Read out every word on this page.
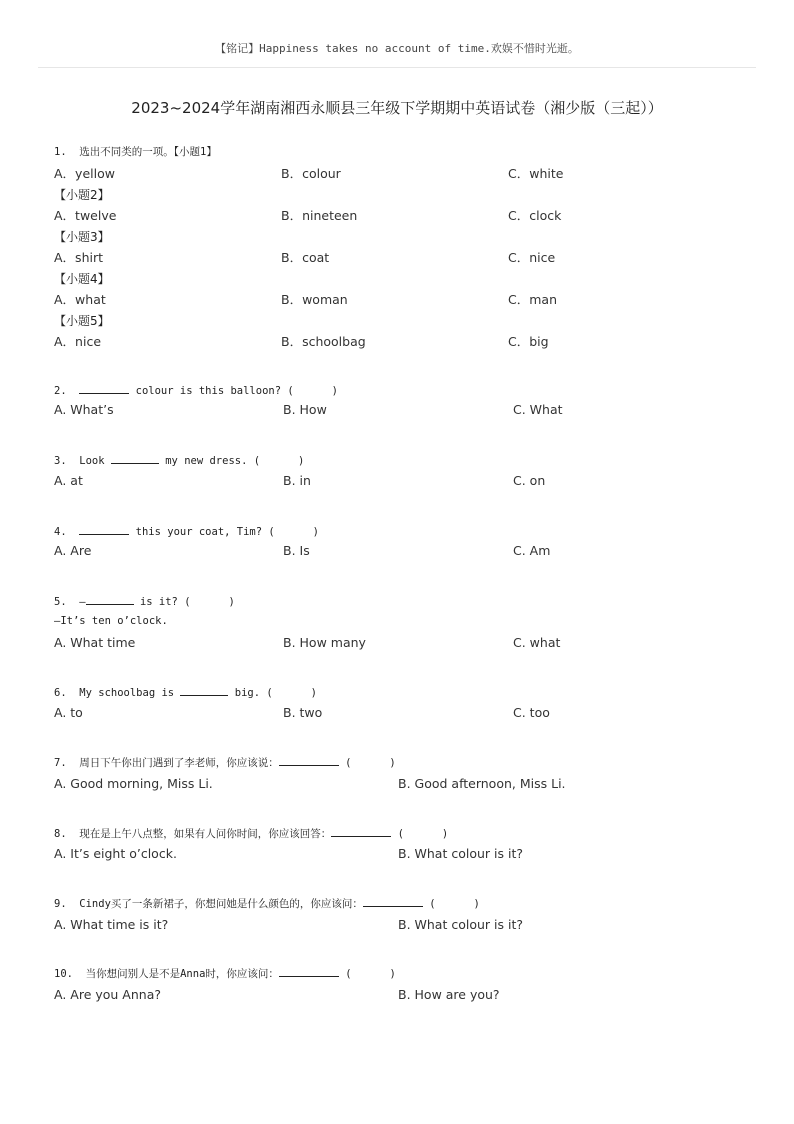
【铭记】Happiness takes no account of time.欢娱不惜时光逝。
2023~2024学年湖南湘西永顺县三年级下学期期中英语试卷（湘少版（三起））
1.  选出不同类的一项。【小题1】
A．yellow	B．colour	C．white
【小题2】
A．twelve	B．nineteen	C．clock
【小题3】
A．shirt	B．coat	C．nice
【小题4】
A．what	B．woman	C．man
【小题5】
A．nice	B．schoolbag	C．big
2.	colour is this balloon? (      )
A. What’s	B. How	C. What
3.  Look	my new dress. (      )
A. at	B. in	C. on
4.	this your coat, Tim? (      )
A. Are	B. Is	C. Am
5.  —	is it? (      )
—It’s ten o’clock.
A. What time	B. How many	C. what
6.  My schoolbag is	big. (      )
A. to	B. two	C. too
7.  周日下午你出门遇到了李老师，你应该说：	(      )
A. Good morning, Miss Li.	B. Good afternoon, Miss Li.
8.  现在是上午八点整，如果有人问你时间，你应该回答：	(      )
A. It’s eight o’clock.	B. What colour is it?
9.  Cindy买了一条新裙子，你想问她是什么颜色的，你应该问：	(      )
A. What time is it?	B. What colour is it?
10.  当你想问别人是不是Anna时，你应该问：	(      )
A. Are you Anna?	B. How are you?
